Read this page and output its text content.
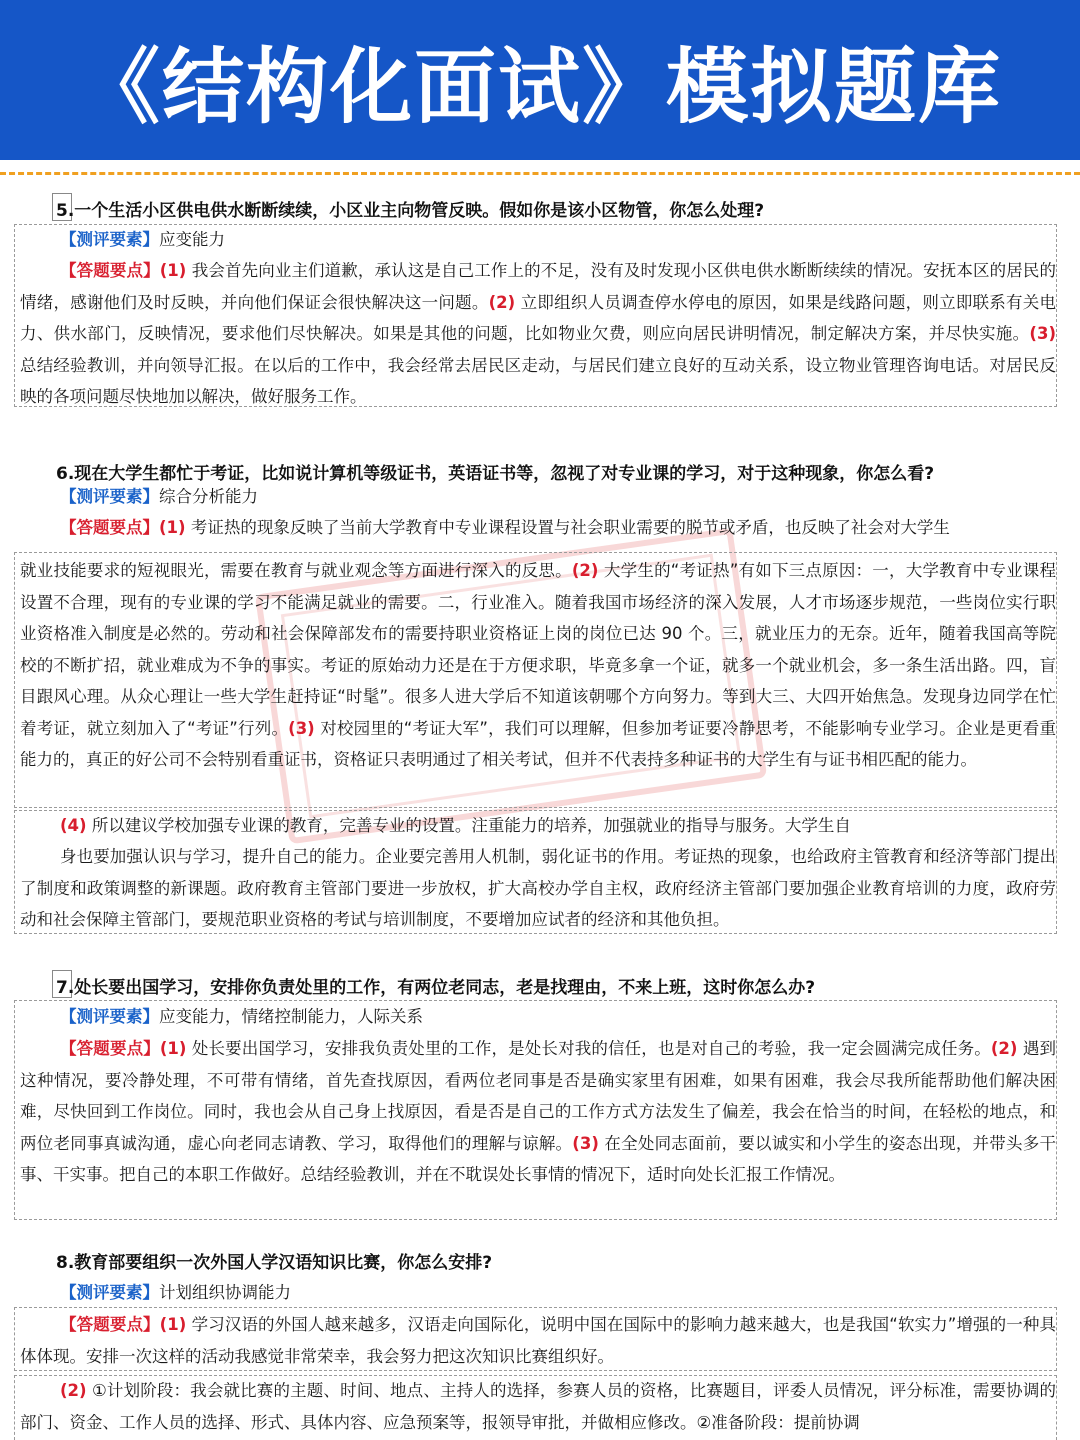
《结构化面试》模拟题库
5.一个生活小区供电供水断断续续，小区业主向物管反映。假如你是该小区物管，你怎么处理?

【测评要素】应变能力

【答题要点】(1) 我会首先向业主们道歉，承认这是自己工作上的不足，没有及时发现小区供电供水断断续续的情况。安抚本区的居民的情绪，感谢他们及时反映，并向他们保证会很快解决这一问题。(2) 立即组织人员调查停水停电的原因，如果是线路问题，则立即联系有关电力、供水部门，反映情况，要求他们尽快解决。如果是其他的问题，比如物业欠费，则应向居民讲明情况，制定解决方案，并尽快实施。(3) 总结经验教训，并向领导汇报。在以后的工作中，我会经常去居民区走动，与居民们建立良好的互动关系，设立物业管理咨询电话。对居民反映的各项问题尽快地加以解决，做好服务工作。

6.现在大学生都忙于考证，比如说计算机等级证书，英语证书等，忽视了对专业课的学习，对于这种现象，你怎么看?

【测评要素】综合分析能力

【答题要点】(1) 考证热的现象反映了当前大学教育中专业课程设置与社会职业需要的脱节或矛盾，也反映了社会对大学生

就业技能要求的短视眼光，需要在教育与就业观念等方面进行深入的反思。(2) 大学生的“考证热”有如下三点原因：一，大学教育中专业课程设置不合理，现有的专业课的学习不能满足就业的需要。二，行业准入。随着我国市场经济的深入发展，人才市场逐步规范，一些岗位实行职业资格准入制度是必然的。劳动和社会保障部发布的需要持职业资格证上岗的岗位已达 90 个。三，就业压力的无奈。近年，随着我国高等院校的不断扩招，就业难成为不争的事实。考证的原始动力还是在于方便求职，毕竟多拿一个证，就多一个就业机会，多一条生活出路。四，盲目跟风心理。从众心理让一些大学生赶持证“时髦”。很多人进大学后不知道该朝哪个方向努力。等到大三、大四开始焦急。发现身边同学在忙着考证，就立刻加入了“考证”行列。(3) 对校园里的“考证大军”，我们可以理解，但参加考证要冷静思考，不能影响专业学习。企业是更看重能力的，真正的好公司不会特别看重证书，资格证只表明通过了相关考试，但并不代表持多种证书的大学生有与证书相匹配的能力。

(4) 所以建议学校加强专业课的教育，完善专业的设置。注重能力的培养，加强就业的指导与服务。大学生自

身也要加强认识与学习，提升自己的能力。企业要完善用人机制，弱化证书的作用。考证热的现象，也给政府主管教育和经济等部门提出了制度和政策调整的新课题。政府教育主管部门要进一步放权，扩大高校办学自主权，政府经济主管部门要加强企业教育培训的力度，政府劳动和社会保障主管部门，要规范职业资格的考试与培训制度，不要增加应试者的经济和其他负担。

7.处长要出国学习，安排你负责处里的工作，有两位老同志，老是找理由，不来上班，这时你怎么办?

【测评要素】应变能力，情绪控制能力，人际关系

【答题要点】(1) 处长要出国学习，安排我负责处里的工作，是处长对我的信任，也是对自己的考验，我一定会圆满完成任务。(2) 遇到这种情况，要冷静处理，不可带有情绪，首先查找原因，看两位老同事是否是确实家里有困难，如果有困难，我会尽我所能帮助他们解决困难，尽快回到工作岗位。同时，我也会从自己身上找原因，看是否是自己的工作方式方法发生了偏差，我会在恰当的时间，在轻松的地点，和两位老同事真诚沟通，虚心向老同志请教、学习，取得他们的理解与谅解。(3) 在全处同志面前，要以诚实和小学生的姿态出现，并带头多干事、干实事。把自己的本职工作做好。总结经验教训，并在不耽误处长事情的情况下，适时向处长汇报工作情况。

8.教育部要组织一次外国人学汉语知识比赛，你怎么安排?

【测评要素】计划组织协调能力

【答题要点】(1) 学习汉语的外国人越来越多，汉语走向国际化，说明中国在国际中的影响力越来越大，也是我国“软实力”增强的一种具体体现。安排一次这样的活动我感觉非常荣幸，我会努力把这次知识比赛组织好。

(2) ①计划阶段：我会就比赛的主题、时间、地点、主持人的选择，参赛人员的资格，比赛题目，评委人员情况，评分标准，需要协调的部门、资金、工作人员的选择、形式、具体内容、应急预案等，报领导审批，并做相应修改。②准备阶段：提前协调
